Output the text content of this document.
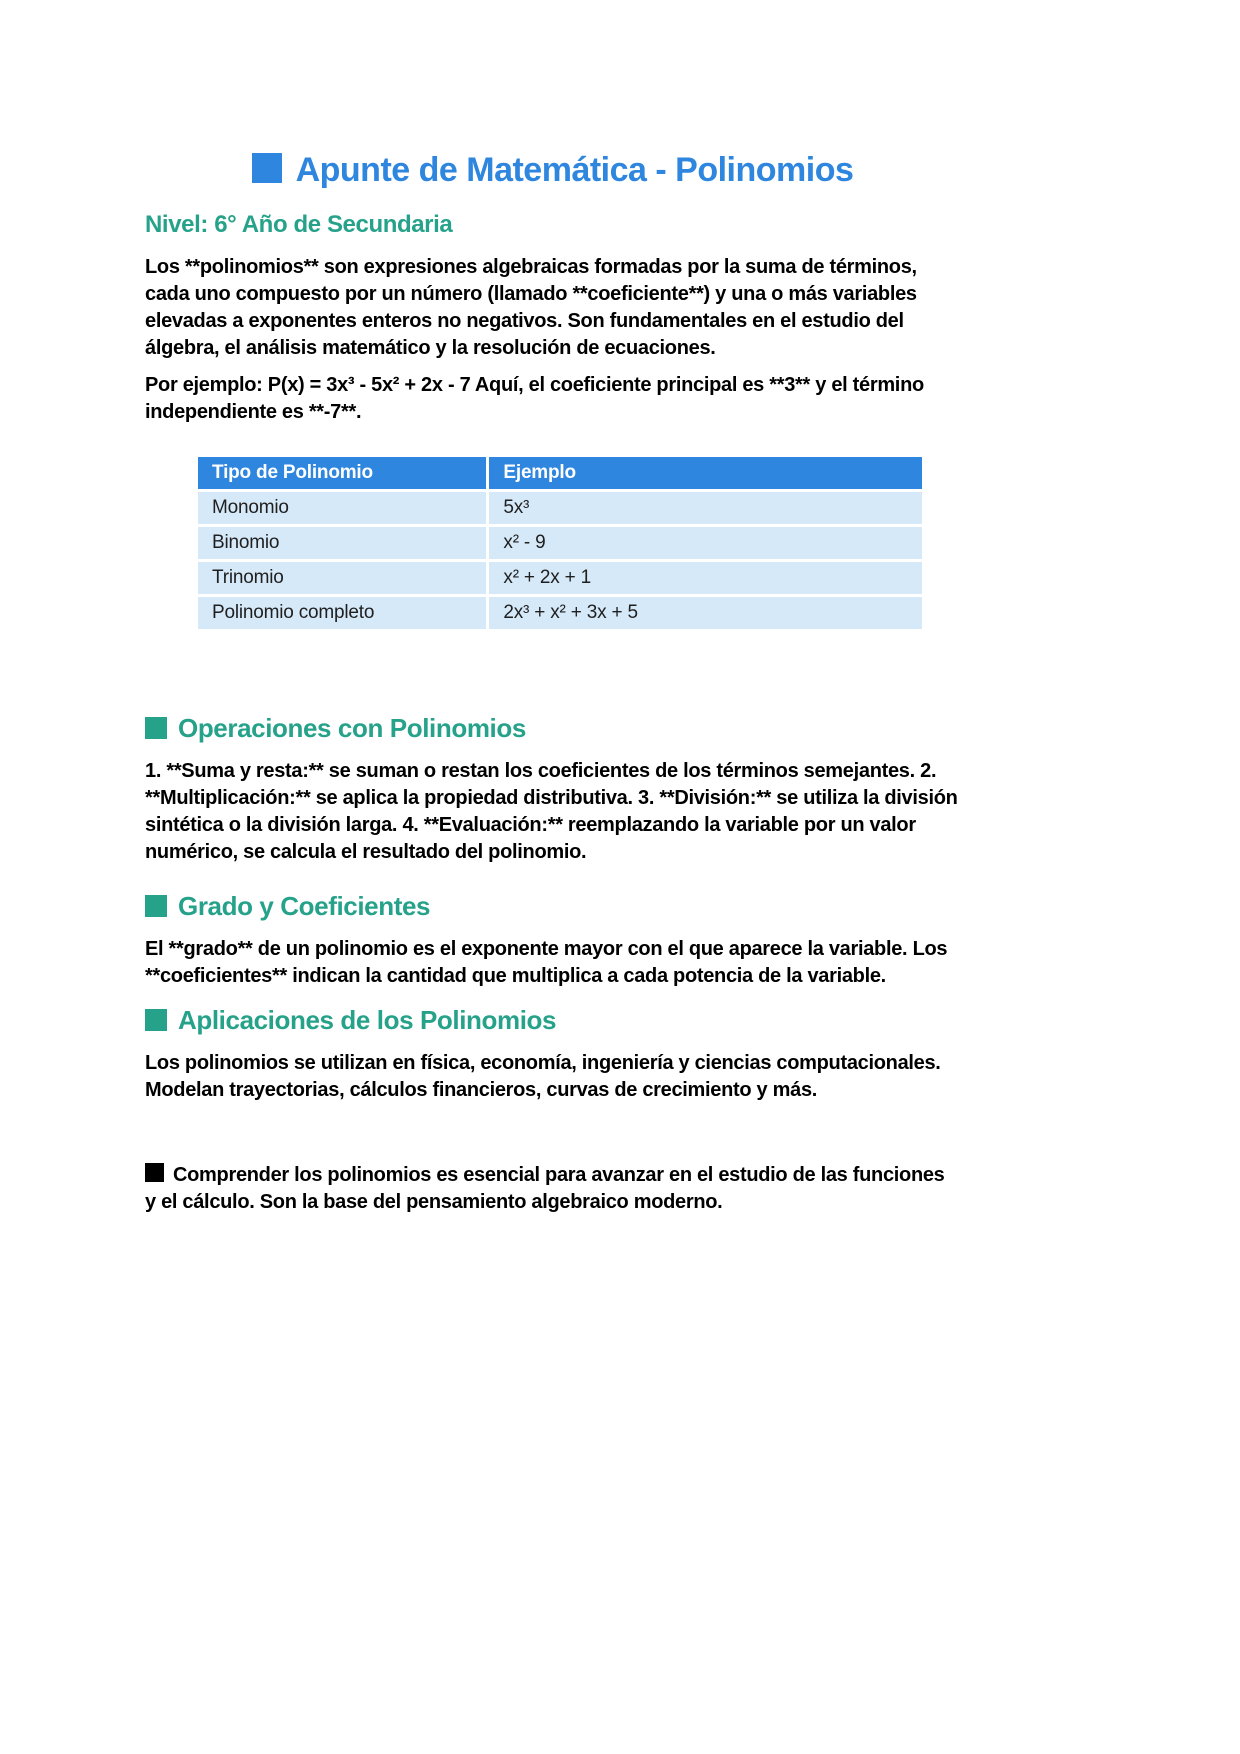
Apunte de Matemática - Polinomios
Nivel: 6° Año de Secundaria
Los **polinomios** son expresiones algebraicas formadas por la suma de términos, cada uno compuesto por un número (llamado **coeficiente**) y una o más variables elevadas a exponentes enteros no negativos. Son fundamentales en el estudio del álgebra, el análisis matemático y la resolución de ecuaciones.
Por ejemplo: P(x) = 3x³ - 5x² + 2x - 7 Aquí, el coeficiente principal es **3** y el término independiente es **-7**.
Tipo de Polinomio	Ejemplo
Monomio	5x³
Binomio	x² - 9
Trinomio	x² + 2x + 1
Polinomio completo	2x³ + x² + 3x + 5
Operaciones con Polinomios
1. **Suma y resta:** se suman o restan los coeficientes de los términos semejantes. 2. **Multiplicación:** se aplica la propiedad distributiva. 3. **División:** se utiliza la división sintética o la división larga. 4. **Evaluación:** reemplazando la variable por un valor numérico, se calcula el resultado del polinomio.
Grado y Coeficientes
El **grado** de un polinomio es el exponente mayor con el que aparece la variable. Los **coeficientes** indican la cantidad que multiplica a cada potencia de la variable.
Aplicaciones de los Polinomios
Los polinomios se utilizan en física, economía, ingeniería y ciencias computacionales. Modelan trayectorias, cálculos financieros, curvas de crecimiento y más.
Comprender los polinomios es esencial para avanzar en el estudio de las funciones y el cálculo. Son la base del pensamiento algebraico moderno.
